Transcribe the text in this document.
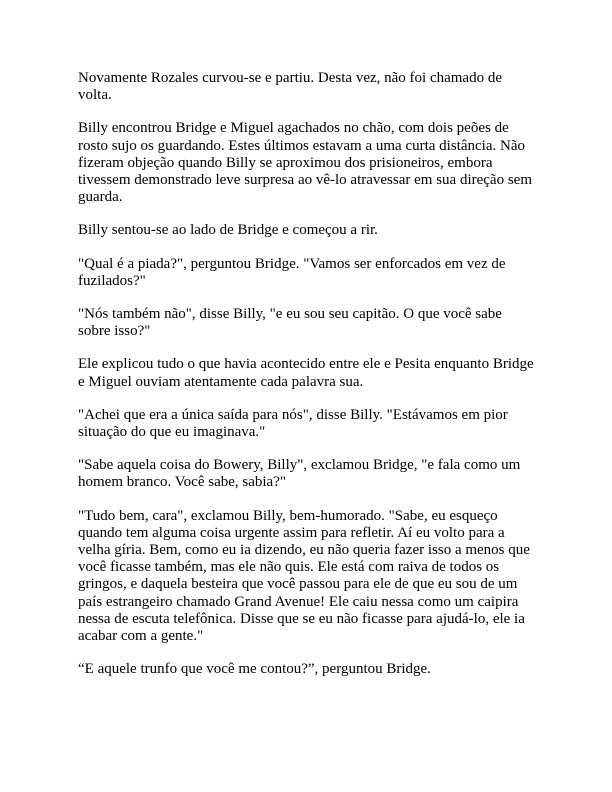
Novamente Rozales curvou-se e partiu. Desta vez, não foi chamado de volta.

Billy encontrou Bridge e Miguel agachados no chão, com dois peões de rosto sujo os guardando. Estes últimos estavam a uma curta distância. Não fizeram objeção quando Billy se aproximou dos prisioneiros, embora tivessem demonstrado leve surpresa ao vê-lo atravessar em sua direção sem guarda.

Billy sentou-se ao lado de Bridge e começou a rir.

"Qual é a piada?", perguntou Bridge. "Vamos ser enforcados em vez de fuzilados?"

"Nós também não", disse Billy, "e eu sou seu capitão. O que você sabe sobre isso?"

Ele explicou tudo o que havia acontecido entre ele e Pesita enquanto Bridge e Miguel ouviam atentamente cada palavra sua.

"Achei que era a única saída para nós", disse Billy. "Estávamos em pior situação do que eu imaginava."

"Sabe aquela coisa do Bowery, Billy", exclamou Bridge, "e fala como um homem branco. Você sabe, sabia?"

"Tudo bem, cara", exclamou Billy, bem-humorado. "Sabe, eu esqueço quando tem alguma coisa urgente assim para refletir. Aí eu volto para a velha gíria. Bem, como eu ia dizendo, eu não queria fazer isso a menos que você ficasse também, mas ele não quis. Ele está com raiva de todos os gringos, e daquela besteira que você passou para ele de que eu sou de um país estrangeiro chamado Grand Avenue! Ele caiu nessa como um caipira nessa de escuta telefônica. Disse que se eu não ficasse para ajudá-lo, ele ia acabar com a gente."

“E aquele trunfo que você me contou?”, perguntou Bridge.
